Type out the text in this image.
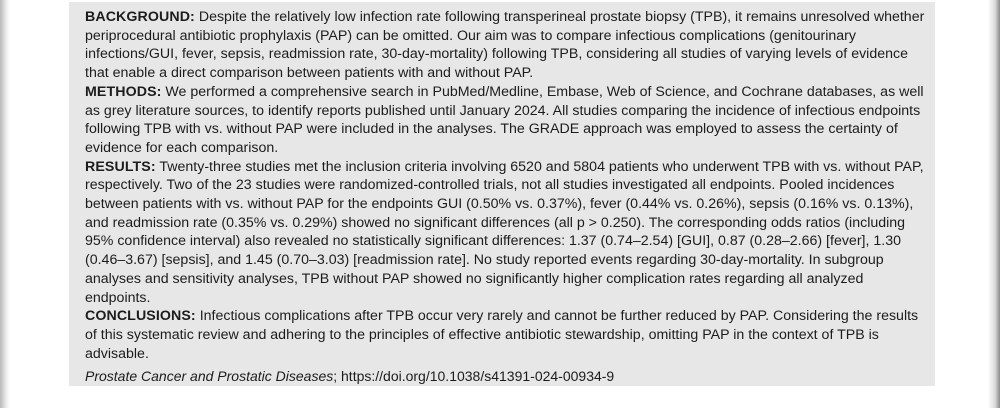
BACKGROUND: Despite the relatively low infection rate following transperineal prostate biopsy (TPB), it remains unresolved whether periprocedural antibiotic prophylaxis (PAP) can be omitted. Our aim was to compare infectious complications (genitourinary infections/GUI, fever, sepsis, readmission rate, 30-day-mortality) following TPB, considering all studies of varying levels of evidence that enable a direct comparison between patients with and without PAP.

METHODS: We performed a comprehensive search in PubMed/Medline, Embase, Web of Science, and Cochrane databases, as well as grey literature sources, to identify reports published until January 2024. All studies comparing the incidence of infectious endpoints following TPB with vs. without PAP were included in the analyses. The GRADE approach was employed to assess the certainty of evidence for each comparison.

RESULTS: Twenty-three studies met the inclusion criteria involving 6520 and 5804 patients who underwent TPB with vs. without PAP, respectively. Two of the 23 studies were randomized-controlled trials, not all studies investigated all endpoints. Pooled incidences between patients with vs. without PAP for the endpoints GUI (0.50% vs. 0.37%), fever (0.44% vs. 0.26%), sepsis (0.16% vs. 0.13%), and readmission rate (0.35% vs. 0.29%) showed no significant differences (all p > 0.250). The corresponding odds ratios (including 95% confidence interval) also revealed no statistically significant differences: 1.37 (0.74–2.54) [GUI], 0.87 (0.28–2.66) [fever], 1.30 (0.46–3.67) [sepsis], and 1.45 (0.70–3.03) [readmission rate]. No study reported events regarding 30-day-mortality. In subgroup analyses and sensitivity analyses, TPB without PAP showed no significantly higher complication rates regarding all analyzed endpoints.

CONCLUSIONS: Infectious complications after TPB occur very rarely and cannot be further reduced by PAP. Considering the results of this systematic review and adhering to the principles of effective antibiotic stewardship, omitting PAP in the context of TPB is advisable.

Prostate Cancer and Prostatic Diseases; https://doi.org/10.1038/s41391-024-00934-9
